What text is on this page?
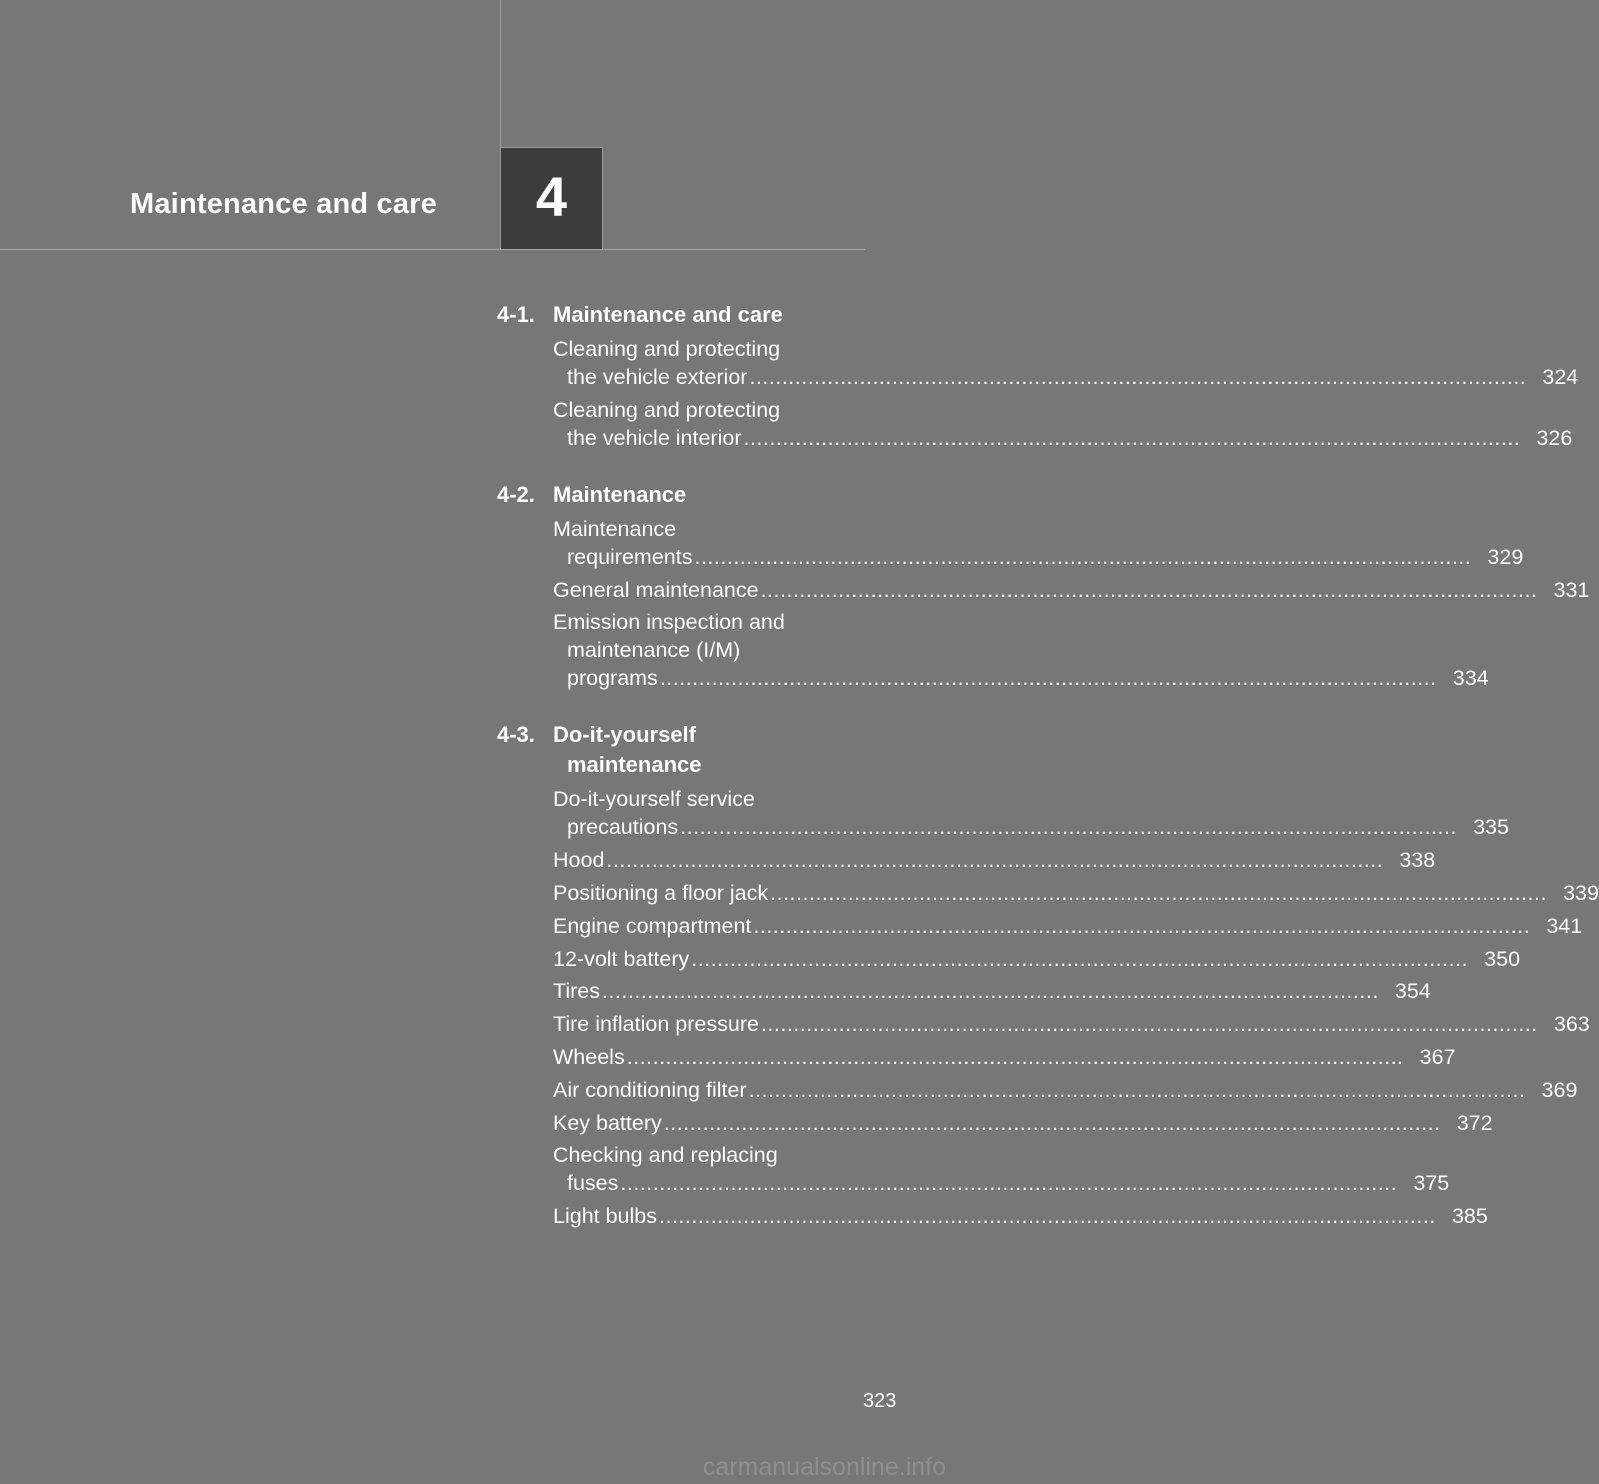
Maintenance and care 4
4-1. Maintenance and care
Cleaning and protecting
the vehicle exterior ........................................................................................................................ 324
Cleaning and protecting
the vehicle interior ........................................................................................................................ 326
4-2. Maintenance
Maintenance
requirements ........................................................................................................................ 329
General maintenance ........................................................................................................................ 331
Emission inspection and
maintenance (I/M)
programs ........................................................................................................................ 334
4-3. Do-it-yourself
maintenance
Do-it-yourself service
precautions ........................................................................................................................ 335
Hood ........................................................................................................................ 338
Positioning a floor jack ........................................................................................................................ 339
Engine compartment ........................................................................................................................ 341
12-volt battery ........................................................................................................................ 350
Tires ........................................................................................................................ 354
Tire inflation pressure ........................................................................................................................ 363
Wheels ........................................................................................................................ 367
Air conditioning filter ........................................................................................................................ 369
Key battery ........................................................................................................................ 372
Checking and replacing
fuses ........................................................................................................................ 375
Light bulbs ........................................................................................................................ 385
323
carmanualsonline.info
